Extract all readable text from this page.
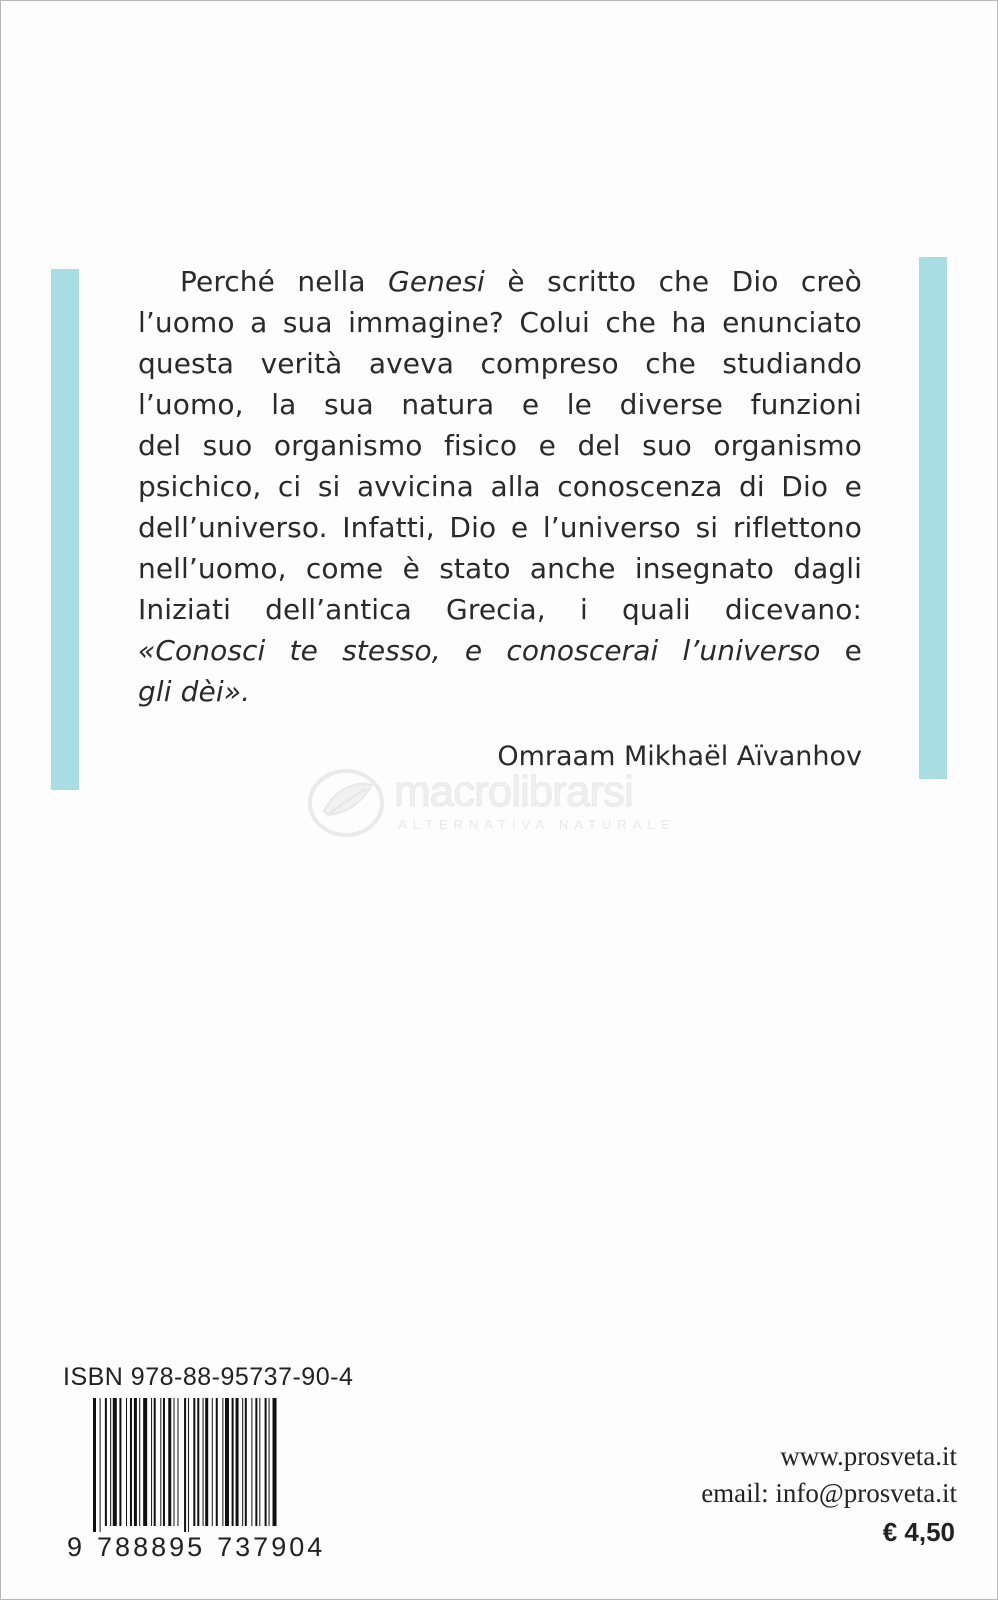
Perché nella Genesi è scritto che Dio creò
l’uomo a sua immagine? Colui che ha enunciato
questa verità aveva compreso che studiando
l’uomo, la sua natura e le diverse funzioni
del suo organismo fisico e del suo organismo
psichico, ci si avvicina alla conoscenza di Dio e
dell’universo. Infatti, Dio e l’universo si riflettono
nell’uomo, come è stato anche insegnato dagli
Iniziati dell’antica Grecia, i quali dicevano:
«Conosci te stesso, e conoscerai l’universo e
gli dèi».
Omraam Mikhaël Aïvanhov
macrolibrarsi
ALTERNATIVA NATURALE
ISBN 978-88-95737-90-4
9 788895 737904
www.prosveta.it
email: info@prosveta.it
€ 4,50
